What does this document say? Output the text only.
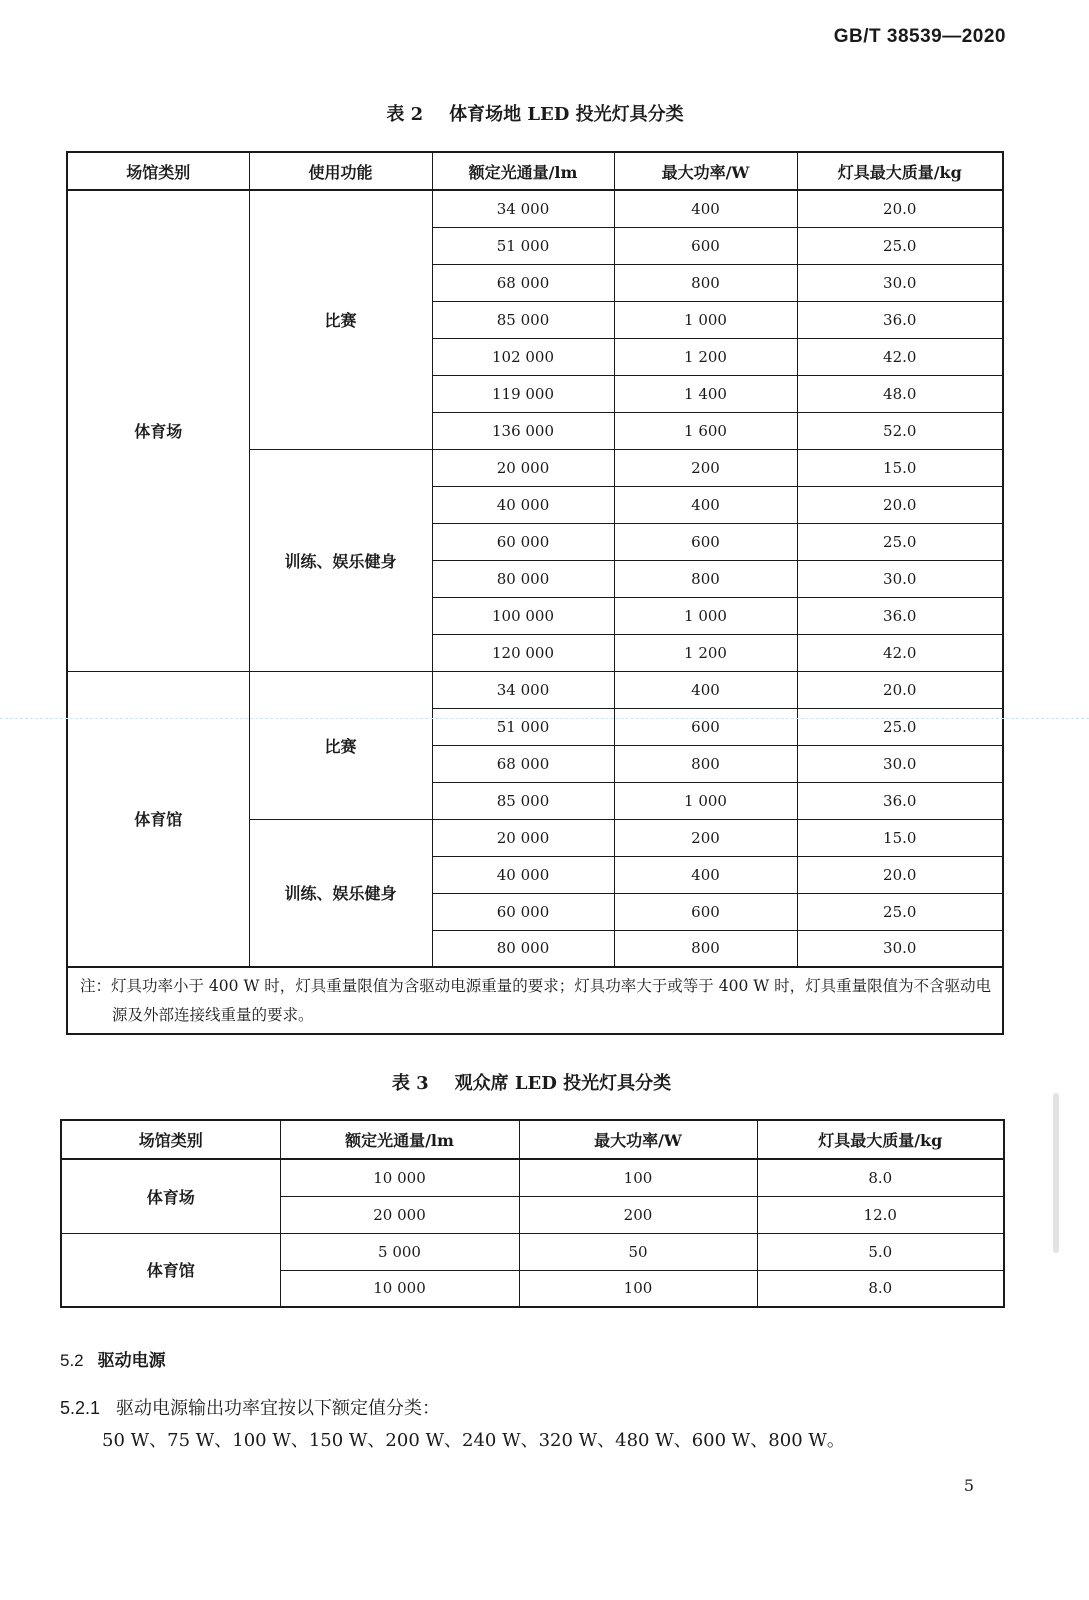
GB/T 38539—2020
表 2 体育场地 LED 投光灯具分类
场馆类别	使用功能	额定光通量/lm	最大功率/W	灯具最大质量/kg
体育场	比赛	34 000	400	20.0
		51 000	600	25.0
		68 000	800	30.0
		85 000	1 000	36.0
		102 000	1 200	42.0
		119 000	1 400	48.0
		136 000	1 600	52.0
	训练、娱乐健身	20 000	200	15.0
		40 000	400	20.0
		60 000	600	25.0
		80 000	800	30.0
		100 000	1 000	36.0
		120 000	1 200	42.0
体育馆	比赛	34 000	400	20.0
		51 000	600	25.0
		68 000	800	30.0
		85 000	1 000	36.0
	训练、娱乐健身	20 000	200	15.0
		40 000	400	20.0
		60 000	600	25.0
		80 000	800	30.0
注：灯具功率小于 400 W 时，灯具重量限值为含驱动电源重量的要求；灯具功率大于或等于 400 W 时，灯具重量限值为不含驱动电源及外部连接线重量的要求。				
表 3 观众席 LED 投光灯具分类
场馆类别	额定光通量/lm	最大功率/W	灯具最大质量/kg
体育场	10 000	100	8.0
	20 000	200	12.0
体育馆	5 000	50	5.0
	10 000	100	8.0
5.2 驱动电源
5.2.1 驱动电源输出功率宜按以下额定值分类：
50 W、75 W、100 W、150 W、200 W、240 W、320 W、480 W、600 W、800 W。
5
